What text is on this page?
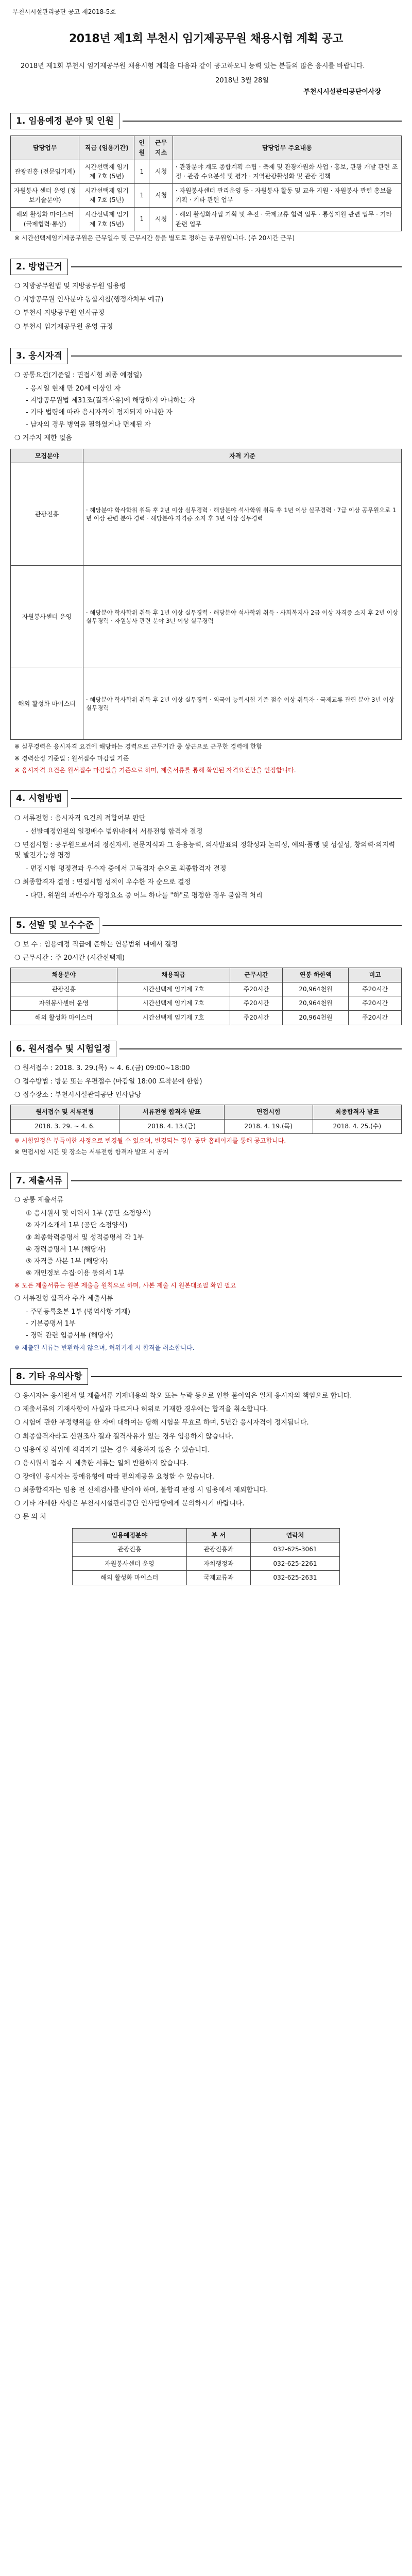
부천시시설관리공단 공고 제2018-5호
2018년 제1회 부천시 임기제공무원 채용시험 계획 공고

2018년 제1회 부천시 임기제공무원 채용시험 계획을 다음과 같이 공고하오니 능력 있는 분들의 많은 응시를 바랍니다.

2018년 3월 28일
부천시시설관리공단이사장
1. 임용예정 분야 및 인원
담당업무	직급 (임용기간)	인원	근무 지소	담당업무 주요내용
관광진흥 (전문임기제)	시간선택제 임기제 7호 (5년)	1	시청	· 관광분야 계도 종합계획 수립 · 축제 및 관광자원화 사업 · 홍보, 관광 개발 관련 조정 · 관광 수요분석 및 평가 · 지역관광활성화 및 관광 정책
자원봉사 센터 운영 (정보기술분야)	시간선택제 임기제 7호 (5년)	1	시청	· 자원봉사센터 관리운영 등 · 자원봉사 활동 및 교육 지원 · 자원봉사 관련 홍보물 기획 · 기타 관련 업무
해외 활성화 마이스터 (국제협력·통상)	시간선택제 임기제 7호 (5년)	1	시청	· 해외 활성화사업 기획 및 추진 · 국제교류 협력 업무 · 통상지원 관련 업무 · 기타 관련 업무

※ 시간선택제임기제공무원은 근무일수 및 근무시간 등을 별도로 정하는 공무원입니다. (주 20시간 근무)

2. 방법근거

❍ 지방공무원법 및 지방공무원 임용령

❍ 지방공무원 인사분야 통합지침(행정자치부 예규)

❍ 부천시 지방공무원 인사규정

❍ 부천시 임기제공무원 운영 규정

3. 응시자격

❍ 공통요건(기준일 : 면접시험 최종 예정일)

- 응시일 현재 만 20세 이상인 자

- 지방공무원법 제31조(결격사유)에 해당하지 아니하는 자

- 기타 법령에 따라 응시자격이 정지되지 아니한 자

- 남자의 경우 병역을 필하였거나 면제된 자

❍ 거주지 제한 없음

모집분야	자격 기준
관광진흥	· 해당분야 학사학위 취득 후 2년 이상 실무경력 · 해당분야 석사학위 취득 후 1년 이상 실무경력 · 7급 이상 공무원으로 1년 이상 관련 분야 경력 · 해당분야 자격증 소지 후 3년 이상 실무경력
자원봉사센터 운영	· 해당분야 학사학위 취득 후 1년 이상 실무경력 · 해당분야 석사학위 취득 · 사회복지사 2급 이상 자격증 소지 후 2년 이상 실무경력 · 자원봉사 관련 분야 3년 이상 실무경력
해외 활성화 마이스터	· 해당분야 학사학위 취득 후 2년 이상 실무경력 · 외국어 능력시험 기준 점수 이상 취득자 · 국제교류 관련 분야 3년 이상 실무경력

※ 실무경력은 응시자격 요건에 해당하는 경력으로 근무기간 중 상근으로 근무한 경력에 한함

※ 경력산정 기준일 : 원서접수 마감일 기준

※ 응시자격 요건은 원서접수 마감일을 기준으로 하며, 제출서류를 통해 확인된 자격요건만을 인정합니다.

4. 시험방법

❍ 서류전형 : 응시자격 요건의 적합여부 판단

- 선발예정인원의 일정배수 범위내에서 서류전형 합격자 결정

❍ 면접시험 : 공무원으로서의 정신자세, 전문지식과 그 응용능력, 의사발표의 정확성과 논리성, 예의·품행 및 성실성, 창의력·의지력 및 발전가능성 평정

- 면접시험 평정결과 우수자 중에서 고득점자 순으로 최종합격자 결정

❍ 최종합격자 결정 : 면접시험 성적이 우수한 자 순으로 결정

- 다만, 위원의 과반수가 평정요소 중 어느 하나를 "하"로 평정한 경우 불합격 처리

5. 선발 및 보수수준

❍ 보 수 : 임용예정 직급에 준하는 연봉범위 내에서 결정

❍ 근무시간 : 주 20시간 (시간선택제)

채용분야	채용직급	근무시간	연봉 하한액	비고
관광진흥	시간선택제 임기제 7호	주20시간	20,964천원	주20시간
자원봉사센터 운영	시간선택제 임기제 7호	주20시간	20,964천원	주20시간
해외 활성화 마이스터	시간선택제 임기제 7호	주20시간	20,964천원	주20시간
6. 원서접수 및 시험일정

❍ 원서접수 : 2018. 3. 29.(목) ~ 4. 6.(금) 09:00~18:00

❍ 접수방법 : 방문 또는 우편접수 (마감일 18:00 도착분에 한함)

❍ 접수장소 : 부천시시설관리공단 인사담당

원서접수 및 서류전형	서류전형 합격자 발표	면접시험	최종합격자 발표
2018. 3. 29. ~ 4. 6.	2018. 4. 13.(금)	2018. 4. 19.(목)	2018. 4. 25.(수)

※ 시험일정은 부득이한 사정으로 변경될 수 있으며, 변경되는 경우 공단 홈페이지를 통해 공고합니다.

※ 면접시험 시간 및 장소는 서류전형 합격자 발표 시 공지

7. 제출서류

❍ 공통 제출서류

① 응시원서 및 이력서 1부 (공단 소정양식)

② 자기소개서 1부 (공단 소정양식)

③ 최종학력증명서 및 성적증명서 각 1부

④ 경력증명서 1부 (해당자)

⑤ 자격증 사본 1부 (해당자)

⑥ 개인정보 수집·이용 동의서 1부

※ 모든 제출서류는 원본 제출을 원칙으로 하며, 사본 제출 시 원본대조필 확인 필요

❍ 서류전형 합격자 추가 제출서류

- 주민등록초본 1부 (병역사항 기재)

- 기본증명서 1부

- 경력 관련 입증서류 (해당자)

※ 제출된 서류는 반환하지 않으며, 허위기재 시 합격을 취소합니다.

8. 기타 유의사항

❍ 응시자는 응시원서 및 제출서류 기재내용의 착오 또는 누락 등으로 인한 불이익은 일체 응시자의 책임으로 합니다.

❍ 제출서류의 기재사항이 사실과 다르거나 허위로 기재한 경우에는 합격을 취소합니다.

❍ 시험에 관한 부정행위를 한 자에 대하여는 당해 시험을 무효로 하며, 5년간 응시자격이 정지됩니다.

❍ 최종합격자라도 신원조사 결과 결격사유가 있는 경우 임용하지 않습니다.

❍ 임용예정 직위에 적격자가 없는 경우 채용하지 않을 수 있습니다.

❍ 응시원서 접수 시 제출한 서류는 일체 반환하지 않습니다.

❍ 장애인 응시자는 장애유형에 따라 편의제공을 요청할 수 있습니다.

❍ 최종합격자는 임용 전 신체검사를 받아야 하며, 불합격 판정 시 임용에서 제외합니다.

❍ 기타 자세한 사항은 부천시시설관리공단 인사담당에게 문의하시기 바랍니다.

❍ 문 의 처

임용예정분야	부 서	연락처
관광진흥	관광진흥과	032-625-3061
자원봉사센터 운영	자치행정과	032-625-2261
해외 활성화 마이스터	국제교류과	032-625-2631
